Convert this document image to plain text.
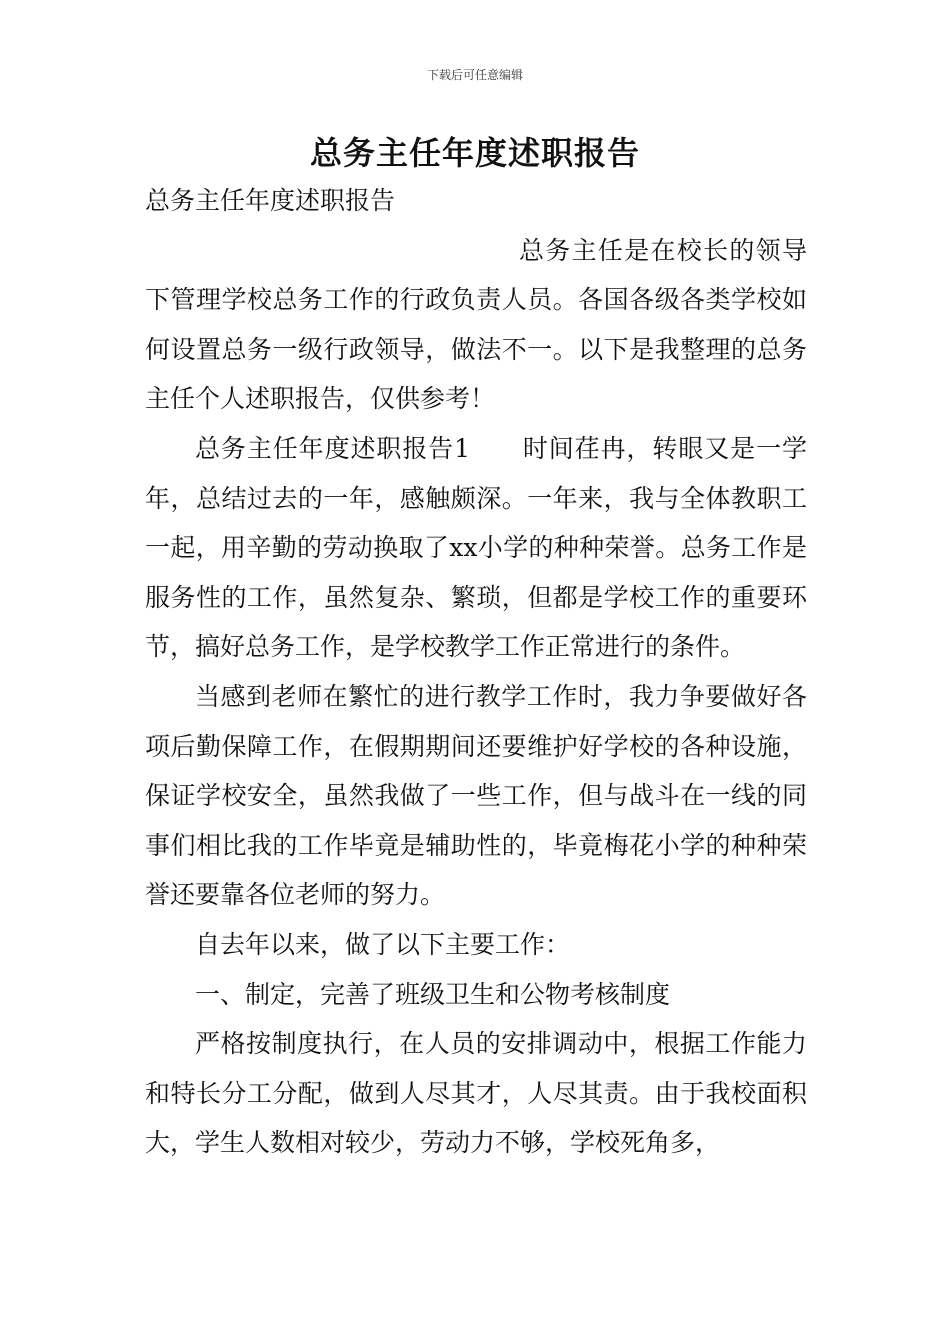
下载后可任意编辑
总务主任年度述职报告

总务主任年度述职报告

总务主任是在校长的领导下管理学校总务工作的行政负责人员。各国各级各类学校如何设置总务一级行政领导，做法不一。以下是我整理的总务主任个人述职报告，仅供参考！

总务主任年度述职报告1　　时间荏冉，转眼又是一学年，总结过去的一年，感触颇深。一年来，我与全体教职工一起，用辛勤的劳动换取了xx小学的种种荣誉。总务工作是服务性的工作，虽然复杂、繁琐，但都是学校工作的重要环节，搞好总务工作，是学校教学工作正常进行的条件。

当感到老师在繁忙的进行教学工作时，我力争要做好各项后勤保障工作，在假期期间还要维护好学校的各种设施，保证学校安全，虽然我做了一些工作，但与战斗在一线的同事们相比我的工作毕竟是辅助性的，毕竟梅花小学的种种荣誉还要靠各位老师的努力。

自去年以来，做了以下主要工作：

一、制定，完善了班级卫生和公物考核制度

严格按制度执行，在人员的安排调动中，根据工作能力和特长分工分配，做到人尽其才，人尽其责。由于我校面积大，学生人数相对较少，劳动力不够，学校死角多，
